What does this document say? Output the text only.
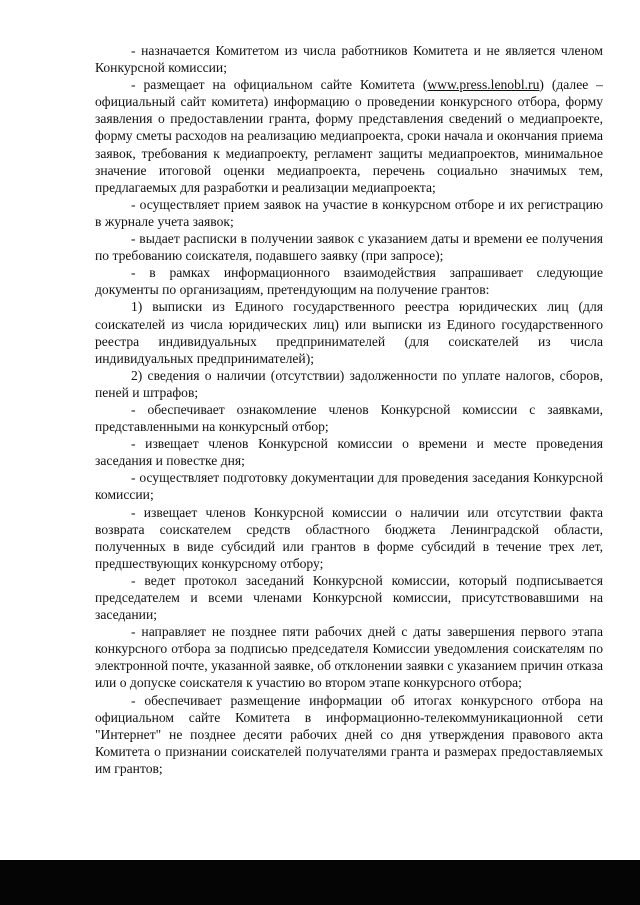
- назначается Комитетом из числа работников Комитета и не является членом Конкурсной комиссии;

- размещает на официальном сайте Комитета (www.press.lenobl.ru) (далее – официальный сайт комитета) информацию о проведении конкурсного отбора, форму заявления о предоставлении гранта, форму представления сведений о медиапроекте, форму сметы расходов на реализацию медиапроекта, сроки начала и окончания приема заявок, требования к медиапроекту, регламент защиты медиапроектов, минимальное значение итоговой оценки медиапроекта, перечень социально значимых тем, предлагаемых для разработки и реализации медиапроекта;

- осуществляет прием заявок на участие в конкурсном отборе и их регистрацию в журнале учета заявок;

- выдает расписки в получении заявок с указанием даты и времени ее получения по требованию соискателя, подавшего заявку (при запросе);

- в рамках информационного взаимодействия запрашивает следующие документы по организациям, претендующим на получение грантов:

1) выписки из Единого государственного реестра юридических лиц (для соискателей из числа юридических лиц) или выписки из Единого государственного реестра индивидуальных предпринимателей (для соискателей из числа индивидуальных предпринимателей);

2) сведения о наличии (отсутствии) задолженности по уплате налогов, сборов, пеней и штрафов;

- обеспечивает ознакомление членов Конкурсной комиссии с заявками, представленными на конкурсный отбор;

- извещает членов Конкурсной комиссии о времени и месте проведения заседания и повестке дня;

- осуществляет подготовку документации для проведения заседания Конкурсной комиссии;

- извещает членов Конкурсной комиссии о наличии или отсутствии факта возврата соискателем средств областного бюджета Ленинградской области, полученных в виде субсидий или грантов в форме субсидий в течение трех лет, предшествующих конкурсному отбору;

- ведет протокол заседаний Конкурсной комиссии, который подписывается председателем и всеми членами Конкурсной комиссии, присутствовавшими на заседании;

- направляет не позднее пяти рабочих дней с даты завершения первого этапа конкурсного отбора за подписью председателя Комиссии уведомления соискателям по электронной почте, указанной заявке, об отклонении заявки с указанием причин отказа или о допуске соискателя к участию во втором этапе конкурсного отбора;

- обеспечивает размещение информации об итогах конкурсного отбора на официальном сайте Комитета в информационно-телекоммуникационной сети "Интернет" не позднее десяти рабочих дней со дня утверждения правового акта Комитета о признании соискателей получателями гранта и размерах предоставляемых им грантов;
